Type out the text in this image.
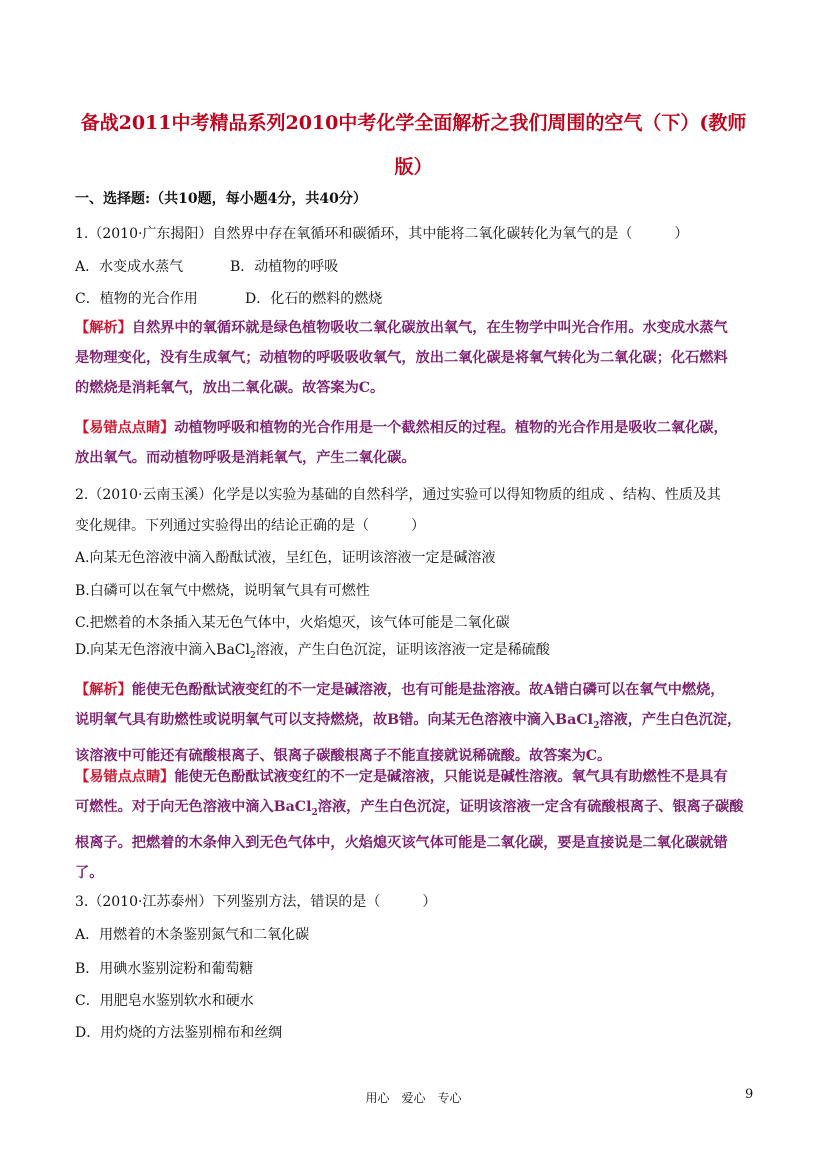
备战2011中考精品系列2010中考化学全面解析之我们周围的空气（下）(教师
版）
一、选择题:（共10题，每小题4分，共40分）
1.（2010·广东揭阳）自然界中存在氧循环和碳循环，其中能将二氧化碳转化为氧气的是（　　　）
A．水变成水蒸气	B．动植物的呼吸
C．植物的光合作用	D．化石的燃料的燃烧

【解析】自然界中的氧循环就是绿色植物吸收二氧化碳放出氧气，在生物学中叫光合作用。水变成水蒸气

是物理变化，没有生成氧气；动植物的呼吸吸收氧气，放出二氧化碳是将氧气转化为二氧化碳；化石燃料

的燃烧是消耗氧气，放出二氧化碳。故答案为C。

【易错点点睛】动植物呼吸和植物的光合作用是一个截然相反的过程。植物的光合作用是吸收二氧化碳，

放出氧气。而动植物呼吸是消耗氧气，产生二氧化碳。

2.（2010·云南玉溪）化学是以实验为基础的自然科学，通过实验可以得知物质的组成 、结构、性质及其
变化规律。下列通过实验得出的结论正确的是（　　　）
A.向某无色溶液中滴入酚酞试液，呈红色，证明该溶液一定是碱溶液
B.白磷可以在氧气中燃烧，说明氧气具有可燃性
C.把燃着的木条插入某无色气体中，火焰熄灭，该气体可能是二氧化碳
D.向某无色溶液中滴入BaCl$_2$溶液，产生白色沉淀，证明该溶液一定是稀硫酸

【解析】能使无色酚酞试液变红的不一定是碱溶液，也有可能是盐溶液。故A错白磷可以在氧气中燃烧，

说明氧气具有助燃性或说明氧气可以支持燃烧，故B错。向某无色溶液中滴入BaCl$_2$溶液，产生白色沉淀，

该溶液中可能还有硫酸根离子、银离子碳酸根离子不能直接就说稀硫酸。故答案为C。

【易错点点睛】能使无色酚酞试液变红的不一定是碱溶液，只能说是碱性溶液。氧气具有助燃性不是具有

可燃性。对于向无色溶液中滴入BaCl$_2$溶液，产生白色沉淀，证明该溶液一定含有硫酸根离子、银离子碳酸

根离子。把燃着的木条伸入到无色气体中，火焰熄灭该气体可能是二氧化碳，要是直接说是二氧化碳就错

了。

3.（2010·江苏泰州）下列鉴别方法，错误的是（　　　）
A．用燃着的木条鉴别氮气和二氧化碳
B．用碘水鉴别淀粉和葡萄糖
C．用肥皂水鉴别软水和硬水
D．用灼烧的方法鉴别棉布和丝绸
用心　爱心　专心	9
